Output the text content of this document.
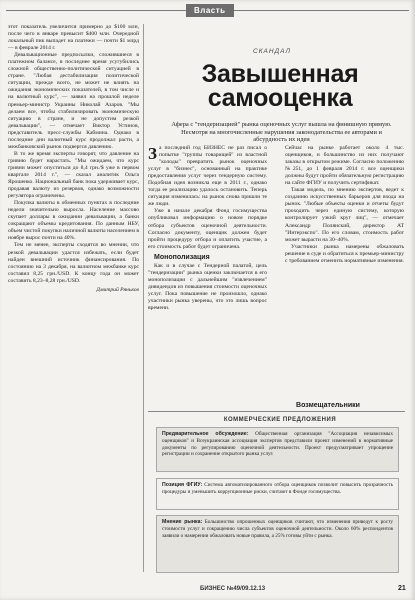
Власть

этот показатель увеличится примерно до $100 млн, после чего в январе превысит $400 млн. Очередной локальный пик выпадет на платежи — почти $1 млрд — в феврале 2014 г.

Девальвационные предпосылки, сложившиеся в платежном балансе, в последнее время усугубились сложной общественно-политической ситуацией в стране. "Любая дестабилизация политической ситуации, прежде всего, не может не влиять на ожидания экономических показателей, в том числе и на валютный курс", — заявил на прошлой неделе премьер-министр Украины Николай Азаров. "Мы делаем все, чтобы стабилизировать экономическую ситуацию в стране, и не допустим резкой девальвации", — отмечает Виктор Устинов, представитель пресс-службы Кабмина. Однако в последние дни валютный курс продолжал расти, а межбанковский рынок подвергся давлению.

В то же время эксперты говорят, что давление на гривню будет нарастать. "Мы ожидаем, что курс гривни может опуститься до 8,4 грн./$ уже в первом квартале 2014 г.", — сказал аналитик Ольга Ярошенко. Национальный банк пока удерживает курс, продавая валюту из резервов, однако возможности регулятора ограничены.

Покупка валюты в обменных пунктах в последние недели значительно выросла. Население массово скупает доллары в ожидании девальвации, а банки сокращают объемы кредитования. По данным НБУ, объем чистой покупки наличной валюты населением в ноябре вырос почти на 40%.

Тем не менее, эксперты сходятся во мнении, что резкой девальвации удастся избежать, если будет найден внешний источник финансирования. По состоянию на 3 декабря, на валютном межбанке курс составил 8,25 грн./USD. К концу года он может составить 8,23–8,28 грн./USD.

Дмитрий Ряньков
СКАНДАЛ
Завышенная самооценка
Афера с "тендеризацией" рынка оценочных услуг вышла на финишную прямую. Несмотря на многочисленные нарушения законодательства ее авторами и абсурдность их идеи

За последний год БИЗНЕС не раз писал о попытке "группы товарищей" из властной "колоды" превратить рынок оценочных услуг в "бизнес", основанный на практике предоставления услуг через тендерную систему. Подобная идея возникла еще в 2011 г., однако тогда ее реализацию удалось остановить. Теперь ситуация изменилась: на рынок снова пришли те же люди.

Уже в начале декабря Фонд госимущества опубликовал информацию о новом порядке отбора субъектов оценочной деятельности. Согласно документу, оценщик должен будет пройти процедуру отбора и оплатить участие, а его стоимость работ будет ограничена.

Монополизация

Как и в случае с Тендерной палатой, цель "тендеризации" рынка оценки заключается в его монополизации с дальнейшим "извлечением" дивидендов из повышения стоимости оценочных услуг. Пока повышение не произошло, однако участники рынка уверены, что это лишь вопрос времени.

Сейчас на рынке работает около 4 тыс. оценщиков, и большинство из них получают заказы в открытом режиме. Согласно положению №251, до 1 февраля 2014 г. все оценщики должны будут пройти обязательную регистрацию на сайте ФГИУ и получить сертификат.

Такая модель, по мнению экспертов, ведет к созданию искусственных барьеров для входа на рынок. "Любые объекты оценки и отчеты будут проходить через единую систему, которую контролирует узкий круг лиц", — отмечает Александр Полянский, директор АТ "Интерэкспо". По его словам, стоимость работ может вырасти на 30–40%.

Участники рынка намерены обжаловать решение в суде и обратиться к премьер-министру с требованием отменить нормативные изменения.

Возмещательники
КОММЕРЧЕСКИЕ ПРЕДЛОЖЕНИЯ
Предварительное обсуждение: Общественная организация "Ассоциация независимых оценщиков" и Всеукраинская ассоциация экспертов представили проект изменений в нормативные документы по регулированию оценочной деятельности. Проект предусматривает упрощение регистрации и сохранение открытого рынка услуг.
Позиция ФГИУ: Система автоматизированного отбора оценщиков позволит повысить прозрачность процедуры и уменьшить коррупционные риски, считают в Фонде госимущества.
Мнение рынка: Большинство опрошенных оценщиков считают, что изменения приведут к росту стоимости услуг и сокращению числа субъектов оценочной деятельности. Около 60% респондентов заявили о намерении обжаловать новые правила, а 25% готовы уйти с рынка.
БИЗНЕС №49/09.12.13	21
